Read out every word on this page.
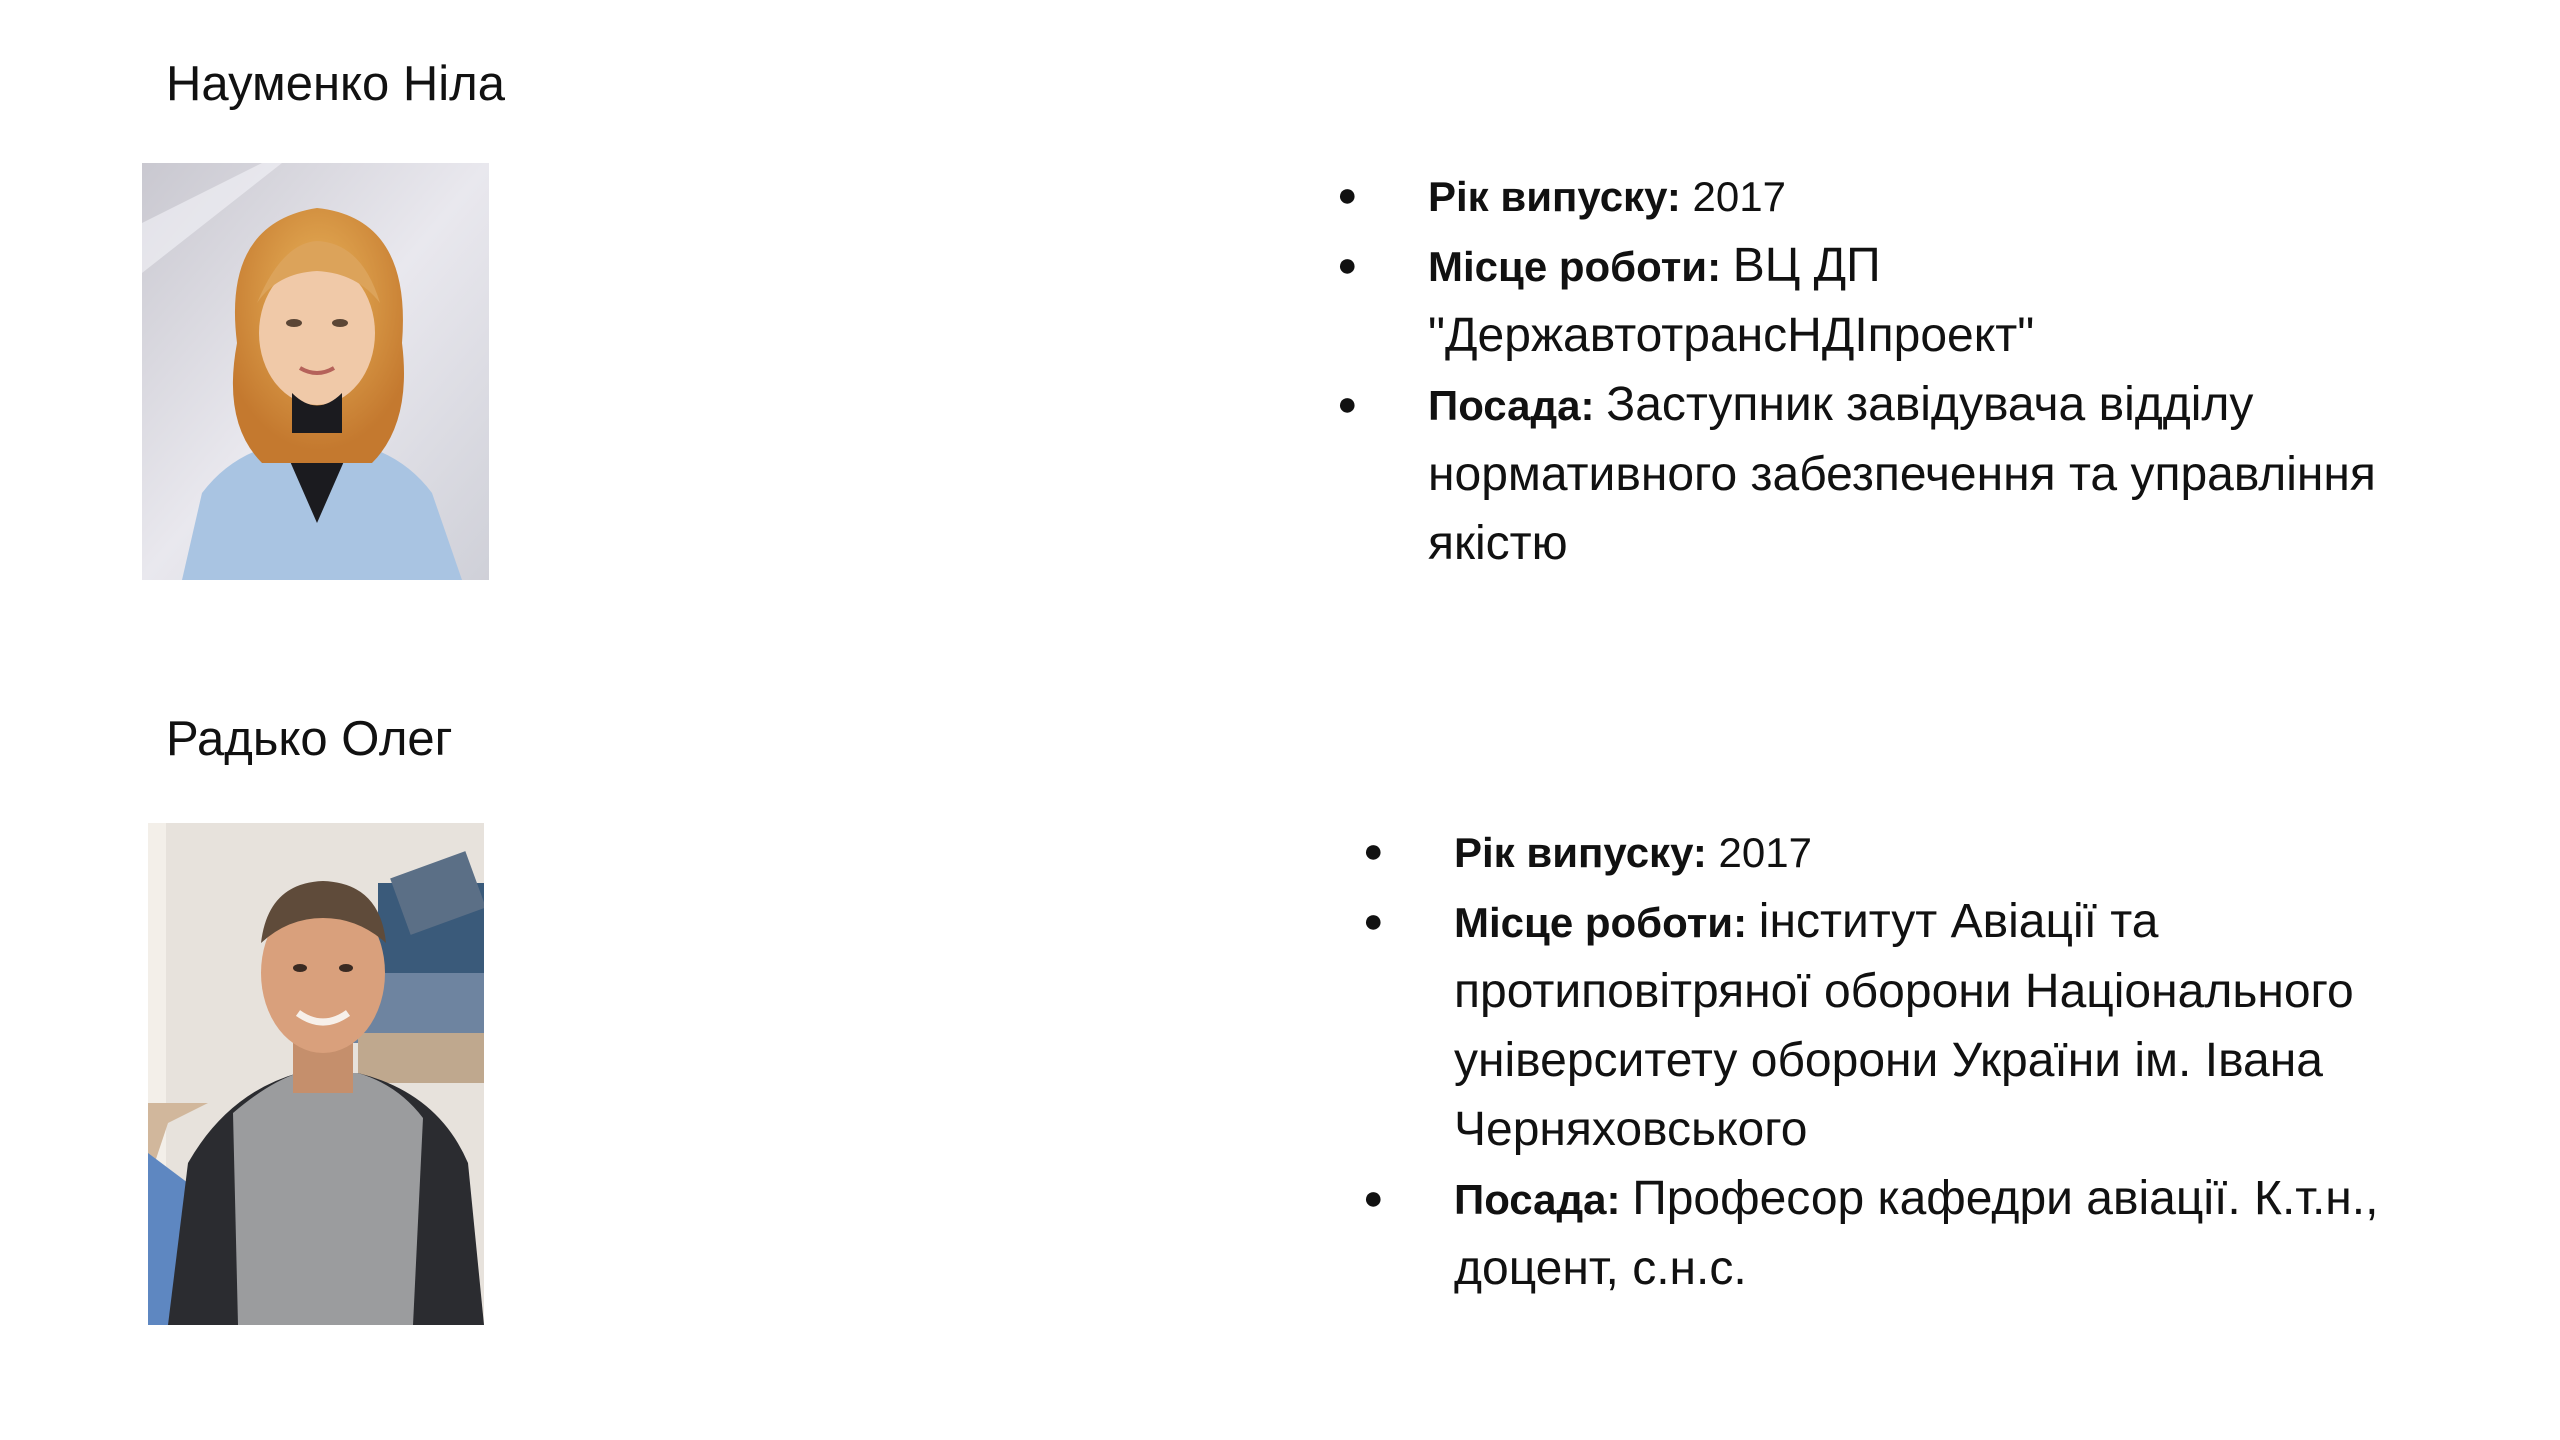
Науменко Ніла
●	Рік випуску: 2017
●	Місце роботи: ВЦ ДП "ДержавтотрансНДІпроект"
●	Посада: Заступник завідувача відділу нормативного забезпечення та управління якістю
Радько Олег
●	Рік випуску: 2017
●	Місце роботи: інститут Авіації та протиповітряної оборони Національного університету оборони України ім. Івана Черняховського
●	Посада: Професор кафедри авіації. К.т.н., доцент, с.н.с.
